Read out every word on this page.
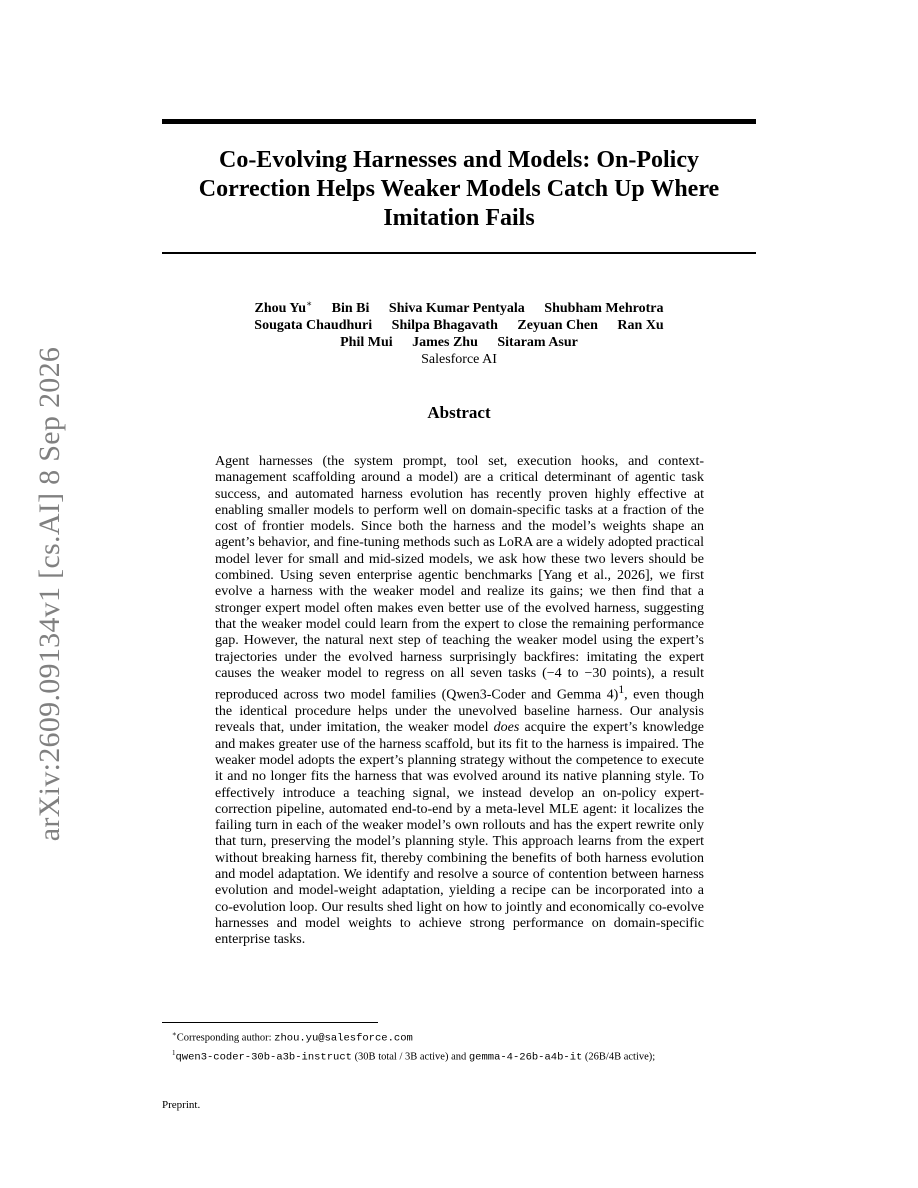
arXiv:2609.09134v1 [cs.AI] 8 Sep 2026
Co-Evolving Harnesses and Models: On-Policy Correction Helps Weaker Models Catch Up Where Imitation Fails
Zhou Yu∗ Bin Bi Shiva Kumar Pentyala Shubham Mehrotra
Sougata Chaudhuri Shilpa Bhagavath Zeyuan Chen Ran Xu
Phil Mui James Zhu Sitaram Asur
Salesforce AI
Abstract

Agent harnesses (the system prompt, tool set, execution hooks, and context-management scaffolding around a model) are a critical determinant of agentic task success, and automated harness evolution has recently proven highly effective at enabling smaller models to perform well on domain-specific tasks at a fraction of the cost of frontier models. Since both the harness and the model’s weights shape an agent’s behavior, and fine-tuning methods such as LoRA are a widely adopted practical model lever for small and mid-sized models, we ask how these two levers should be combined. Using seven enterprise agentic benchmarks [Yang et al., 2026], we first evolve a harness with the weaker model and realize its gains; we then find that a stronger expert model often makes even better use of the evolved harness, suggesting that the weaker model could learn from the expert to close the remaining performance gap. However, the natural next step of teaching the weaker model using the expert’s trajectories under the evolved harness surprisingly backfires: imitating the expert causes the weaker model to regress on all seven tasks (−4 to −30 points), a result reproduced across two model families (Qwen3-Coder and Gemma 4)$^1$, even though the identical procedure helps under the unevolved baseline harness. Our analysis reveals that, under imitation, the weaker model does acquire the expert’s knowledge and makes greater use of the harness scaffold, but its fit to the harness is impaired. The weaker model adopts the expert’s planning strategy without the competence to execute it and no longer fits the harness that was evolved around its native planning style. To effectively introduce a teaching signal, we instead develop an on-policy expert-correction pipeline, automated end-to-end by a meta-level MLE agent: it localizes the failing turn in each of the weaker model’s own rollouts and has the expert rewrite only that turn, preserving the model’s planning style. This approach learns from the expert without breaking harness fit, thereby combining the benefits of both harness evolution and model adaptation. We identify and resolve a source of contention between harness evolution and model-weight adaptation, yielding a recipe can be incorporated into a co-evolution loop. Our results shed light on how to jointly and economically co-evolve harnesses and model weights to achieve strong performance on domain-specific enterprise tasks.

∗Corresponding author: zhou.yu@salesforce.com

$^1$qwen3-coder-30b-a3b-instruct (30B total / 3B active) and gemma-4-26b-a4b-it (26B/4B active);

Preprint.
